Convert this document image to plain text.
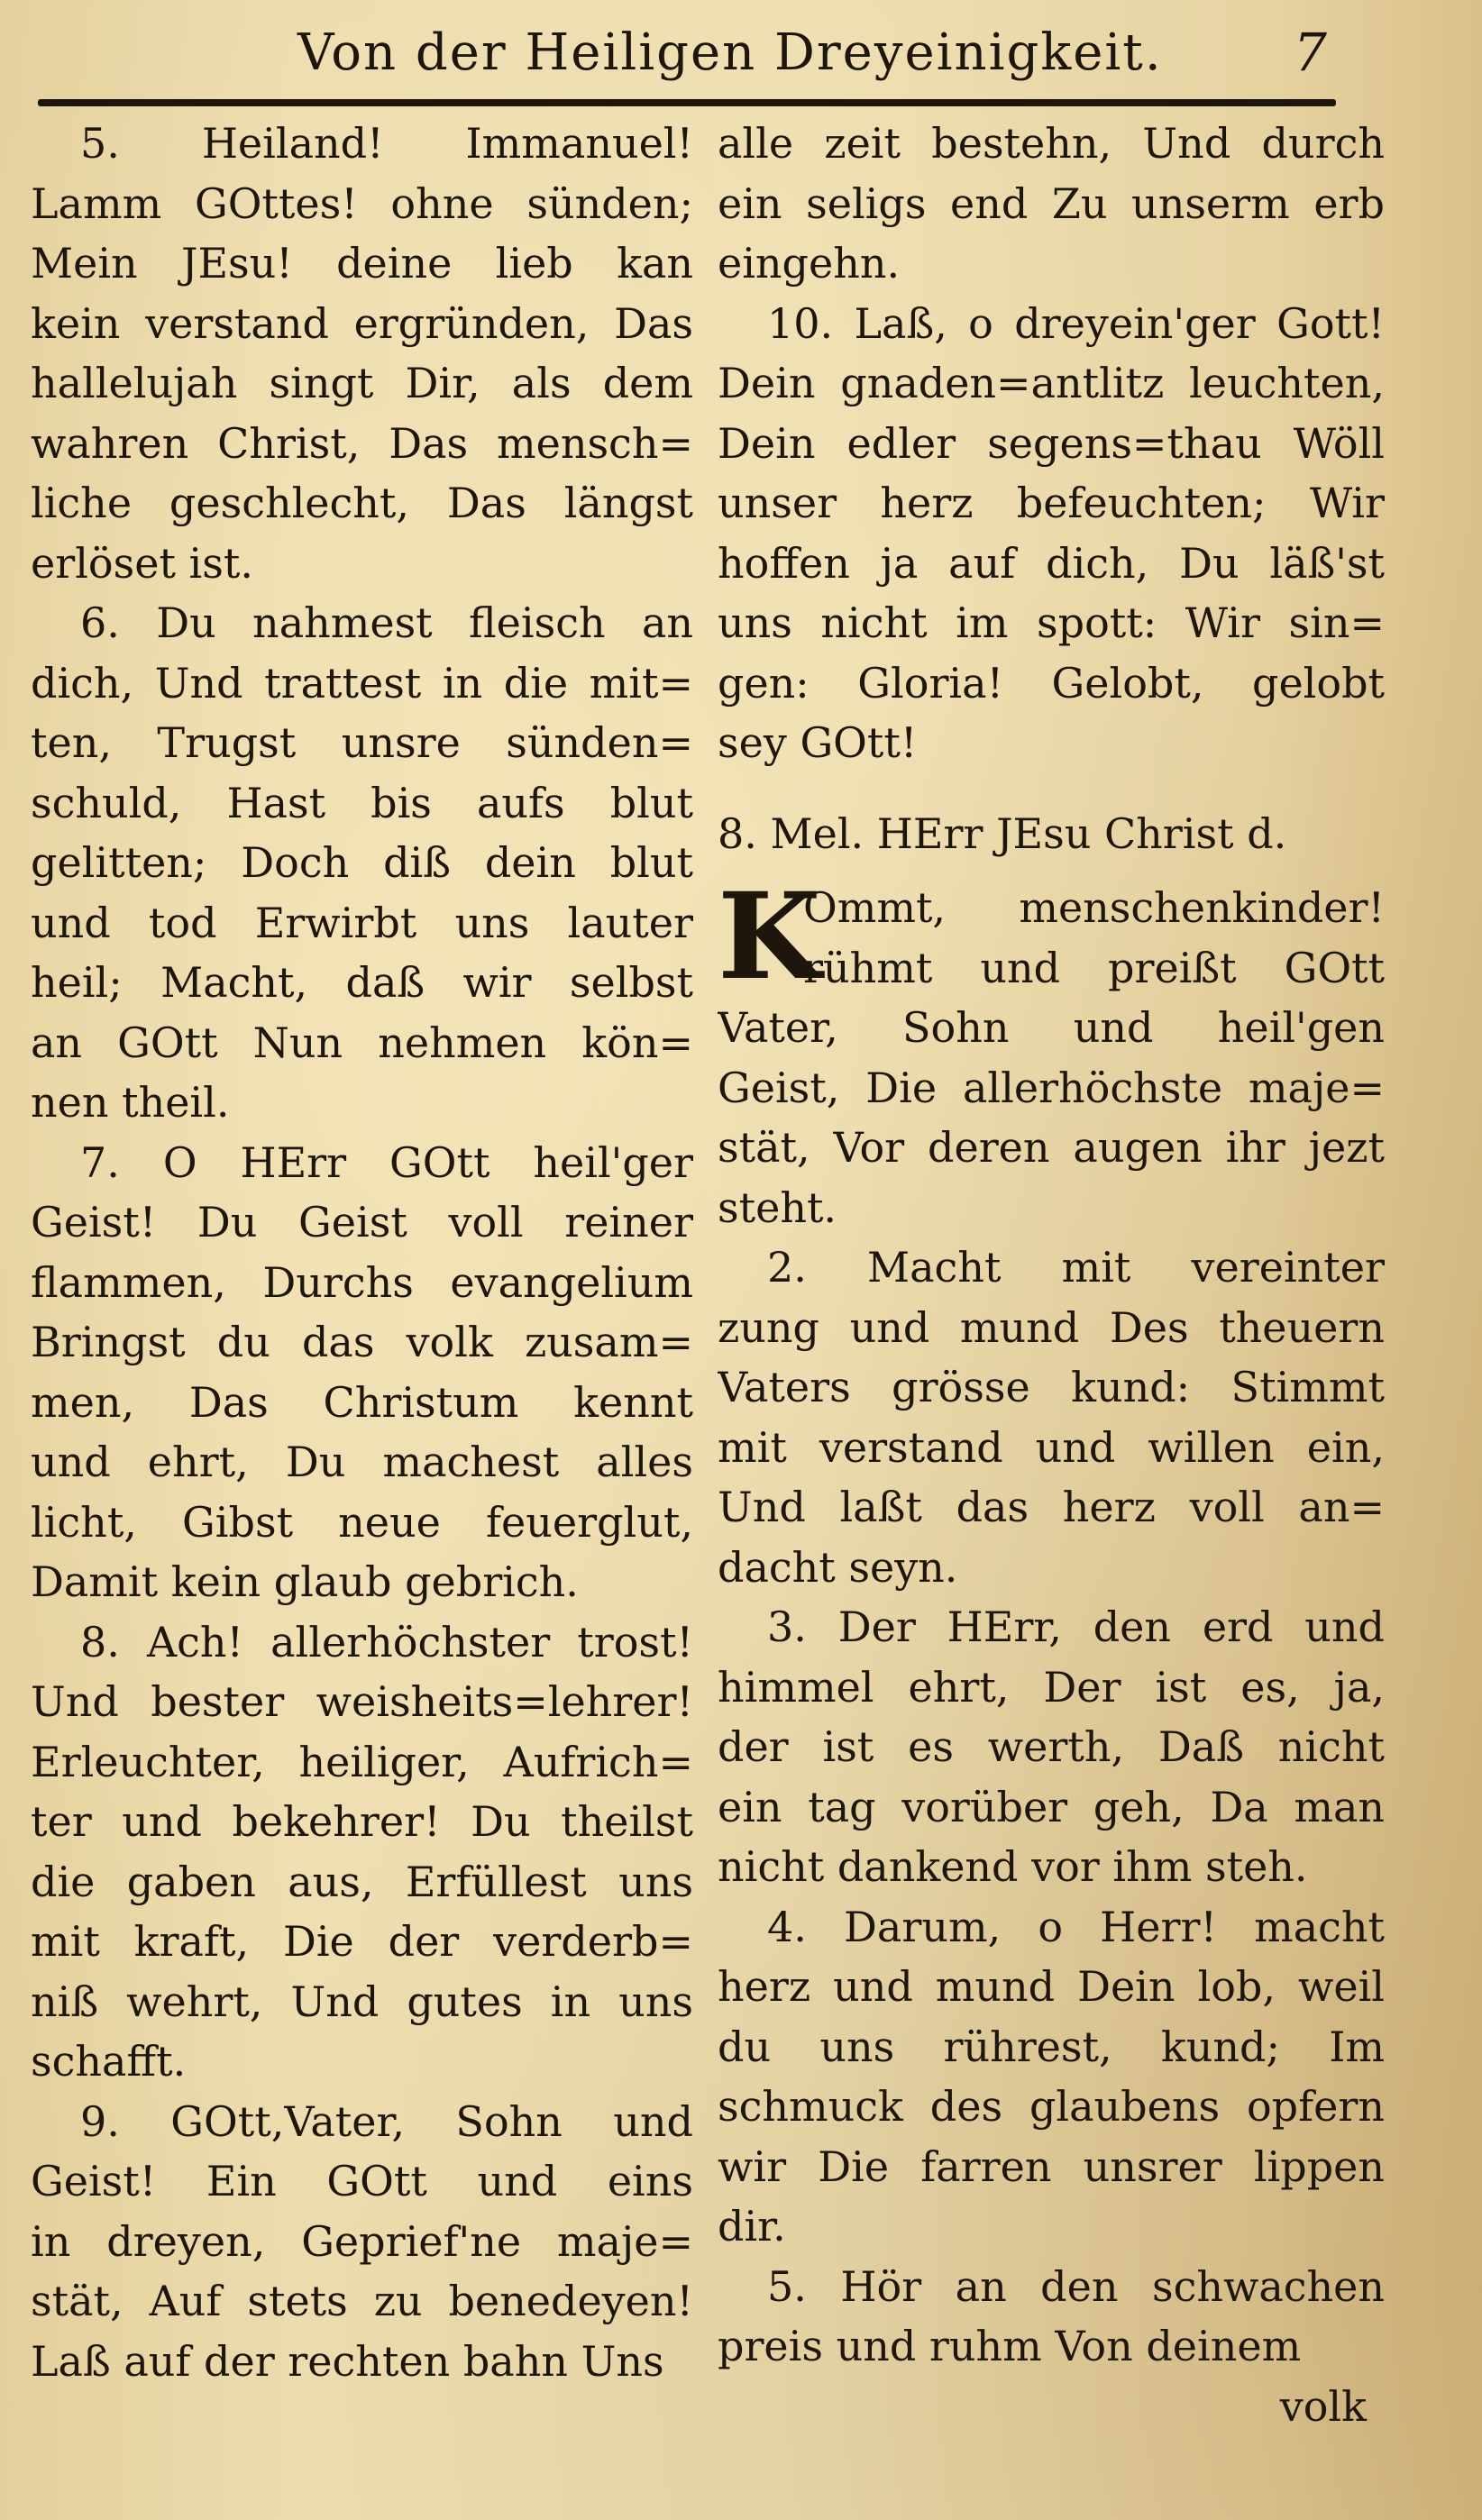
Von der Heiligen Dreyeinigkeit.	7
5. Heiland! Immanuel!
Lamm GOttes! ohne sünden;
Mein JEsu! deine lieb kan
kein verstand ergründen, Das
hallelujah singt Dir, als dem
wahren Christ, Das mensch=
liche geschlecht, Das längst
erlöset ist.
6. Du nahmest fleisch an
dich, Und trattest in die mit=
ten, Trugst unsre sünden=
schuld, Hast bis aufs blut
gelitten; Doch diß dein blut
und tod Erwirbt uns lauter
heil; Macht, daß wir selbst
an GOtt Nun nehmen kön=
nen theil.
7. O HErr GOtt heil'ger
Geist! Du Geist voll reiner
flammen, Durchs evangelium
Bringst du das volk zusam=
men, Das Christum kennt
und ehrt, Du machest alles
licht, Gibst neue feuerglut,
Damit kein glaub gebrich.
8. Ach! allerhöchster trost!
Und bester weisheits=lehrer!
Erleuchter, heiliger, Aufrich=
ter und bekehrer! Du theilst
die gaben aus, Erfüllest uns
mit kraft, Die der verderb=
niß wehrt, Und gutes in uns
schafft.
9. GOtt,Vater, Sohn und
Geist! Ein GOtt und eins
in dreyen, Geprief'ne maje=
stät, Auf stets zu benedeyen!
Laß auf der rechten bahn Uns
alle zeit bestehn, Und durch
ein seligs end Zu unserm erb
eingehn.
10. Laß, o dreyein'ger Gott!
Dein gnaden=antlitz leuchten,
Dein edler segens=thau Wöll
unser herz befeuchten; Wir
hoffen ja auf dich, Du läß'st
uns nicht im spott: Wir sin=
gen: Gloria! Gelobt, gelobt
sey GOtt!
8. Mel. HErr JEsu Christ d.
K
Ommt, menschenkinder!
rühmt und preißt GOtt
Vater, Sohn und heil'gen
Geist, Die allerhöchste maje=
stät, Vor deren augen ihr jezt
steht.
2. Macht mit vereinter
zung und mund Des theuern
Vaters grösse kund: Stimmt
mit verstand und willen ein,
Und laßt das herz voll an=
dacht seyn.
3. Der HErr, den erd und
himmel ehrt, Der ist es, ja,
der ist es werth, Daß nicht
ein tag vorüber geh, Da man
nicht dankend vor ihm steh.
4. Darum, o Herr! macht
herz und mund Dein lob, weil
du uns rührest, kund; Im
schmuck des glaubens opfern
wir Die farren unsrer lippen
dir.
5. Hör an den schwachen
preis und ruhm Von deinem
volk
